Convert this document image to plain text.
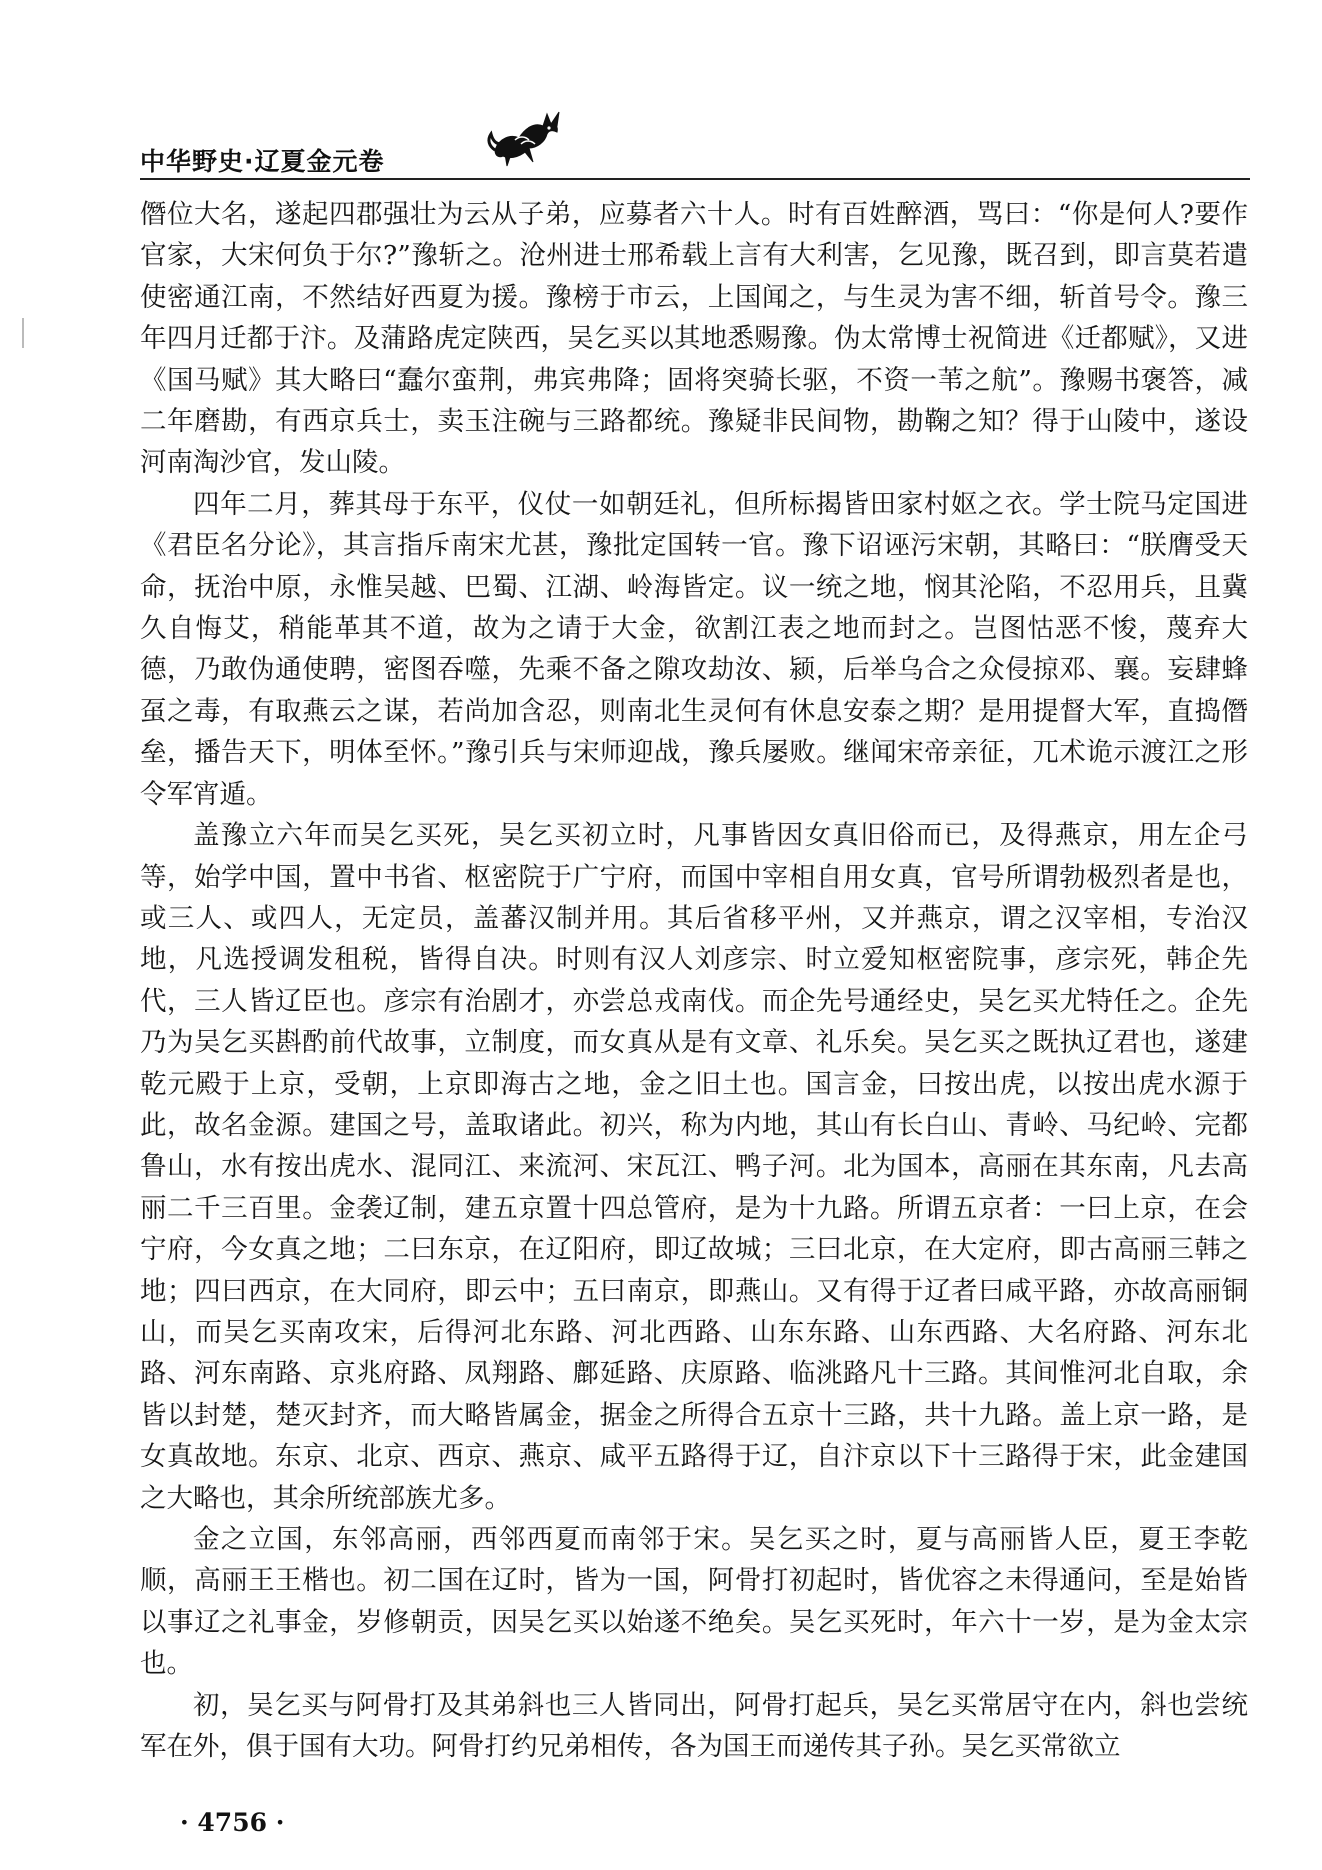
中华野史·辽夏金元卷

僭位大名，遂起四郡强壮为云从子弟，应募者六十人。时有百姓醉酒，骂曰：“你是何人?要作官家，大宋何负于尔?”豫斩之。沧州进士邢希载上言有大利害，乞见豫，既召到，即言莫若遣使密通江南，不然结好西夏为援。豫榜于市云，上国闻之，与生灵为害不细，斩首号令。豫三年四月迁都于汴。及蒲路虎定陕西，吴乞买以其地悉赐豫。伪太常博士祝简进《迁都赋》，又进《国马赋》其大略曰“蠢尔蛮荆，弗宾弗降；固将突骑长驱，不资一苇之航”。豫赐书褒答，减二年磨勘，有西京兵士，卖玉注碗与三路都统。豫疑非民间物，勘鞠之知？得于山陵中，遂设河南淘沙官，发山陵。

四年二月，葬其母于东平，仪仗一如朝廷礼，但所标揭皆田家村妪之衣。学士院马定国进《君臣名分论》，其言指斥南宋尤甚，豫批定国转一官。豫下诏诬污宋朝，其略曰：“朕膺受天命，抚治中原，永惟吴越、巴蜀、江湖、岭海皆定。议一统之地，悯其沦陷，不忍用兵，且冀久自悔艾，稍能革其不道，故为之请于大金，欲割江表之地而封之。岂图怙恶不悛，蔑弃大德，乃敢伪通使聘，密图吞噬，先乘不备之隙攻劫汝、颍，后举乌合之众侵掠邓、襄。妄肆蜂虿之毒，有取燕云之谋，若尚加含忍，则南北生灵何有休息安泰之期？是用提督大军，直捣僭垒，播告天下，明体至怀。”豫引兵与宋师迎战，豫兵屡败。继闻宋帝亲征，兀术诡示渡江之形令军宵遁。

盖豫立六年而吴乞买死，吴乞买初立时，凡事皆因女真旧俗而已，及得燕京，用左企弓等，始学中国，置中书省、枢密院于广宁府，而国中宰相自用女真，官号所谓勃极烈者是也，或三人、或四人，无定员，盖蕃汉制并用。其后省移平州，又并燕京，谓之汉宰相，专治汉地，凡选授调发租税，皆得自决。时则有汉人刘彦宗、时立爱知枢密院事，彦宗死，韩企先代，三人皆辽臣也。彦宗有治剧才，亦尝总戎南伐。而企先号通经史，吴乞买尤特任之。企先乃为吴乞买斟酌前代故事，立制度，而女真从是有文章、礼乐矣。吴乞买之既执辽君也，遂建乾元殿于上京，受朝，上京即海古之地，金之旧土也。国言金，曰按出虎，以按出虎水源于此，故名金源。建国之号，盖取诸此。初兴，称为内地，其山有长白山、青岭、马纪岭、完都鲁山，水有按出虎水、混同江、来流河、宋瓦江、鸭子河。北为国本，高丽在其东南，凡去高丽二千三百里。金袭辽制，建五京置十四总管府，是为十九路。所谓五京者：一曰上京，在会宁府，今女真之地；二曰东京，在辽阳府，即辽故城；三曰北京，在大定府，即古高丽三韩之地；四曰西京，在大同府，即云中；五曰南京，即燕山。又有得于辽者曰咸平路，亦故高丽铜山，而吴乞买南攻宋，后得河北东路、河北西路、山东东路、山东西路、大名府路、河东北路、河东南路、京兆府路、凤翔路、鄜延路、庆原路、临洮路凡十三路。其间惟河北自取，余皆以封楚，楚灭封齐，而大略皆属金，据金之所得合五京十三路，共十九路。盖上京一路，是女真故地。东京、北京、西京、燕京、咸平五路得于辽，自汴京以下十三路得于宋，此金建国之大略也，其余所统部族尤多。

金之立国，东邻高丽，西邻西夏而南邻于宋。吴乞买之时，夏与高丽皆人臣，夏王李乾顺，高丽王王楷也。初二国在辽时，皆为一国，阿骨打初起时，皆优容之未得通问，至是始皆以事辽之礼事金，岁修朝贡，因吴乞买以始遂不绝矣。吴乞买死时，年六十一岁，是为金太宗也。

初，吴乞买与阿骨打及其弟斜也三人皆同出，阿骨打起兵，吴乞买常居守在内，斜也尝统军在外，俱于国有大功。阿骨打约兄弟相传，各为国王而递传其子孙。吴乞买常欲立

· 4756 ·
